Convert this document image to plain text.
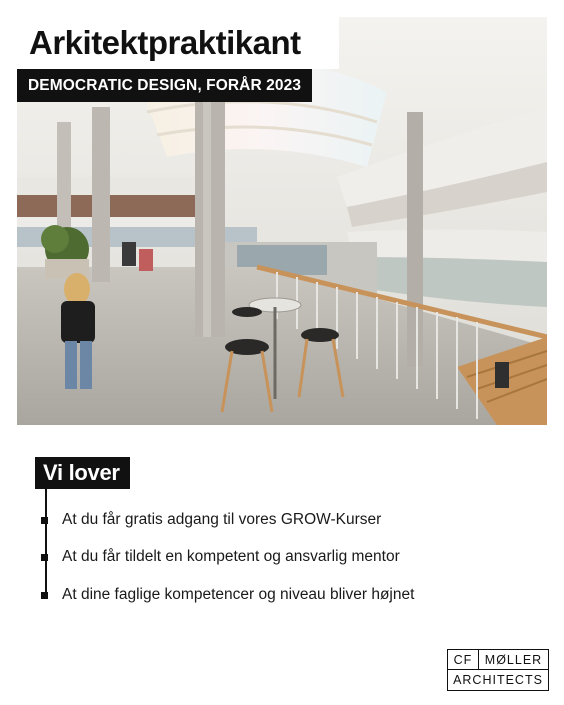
Arkitektpraktikant
DEMOCRATIC DESIGN, FORÅR 2023
Vi lover
At du får gratis adgang til vores GROW-Kurser
At du får tildelt en kompetent og ansvarlig mentor
At dine faglige kompetencer og niveau bliver højnet
CF MØLLER
ARCHITECTS
